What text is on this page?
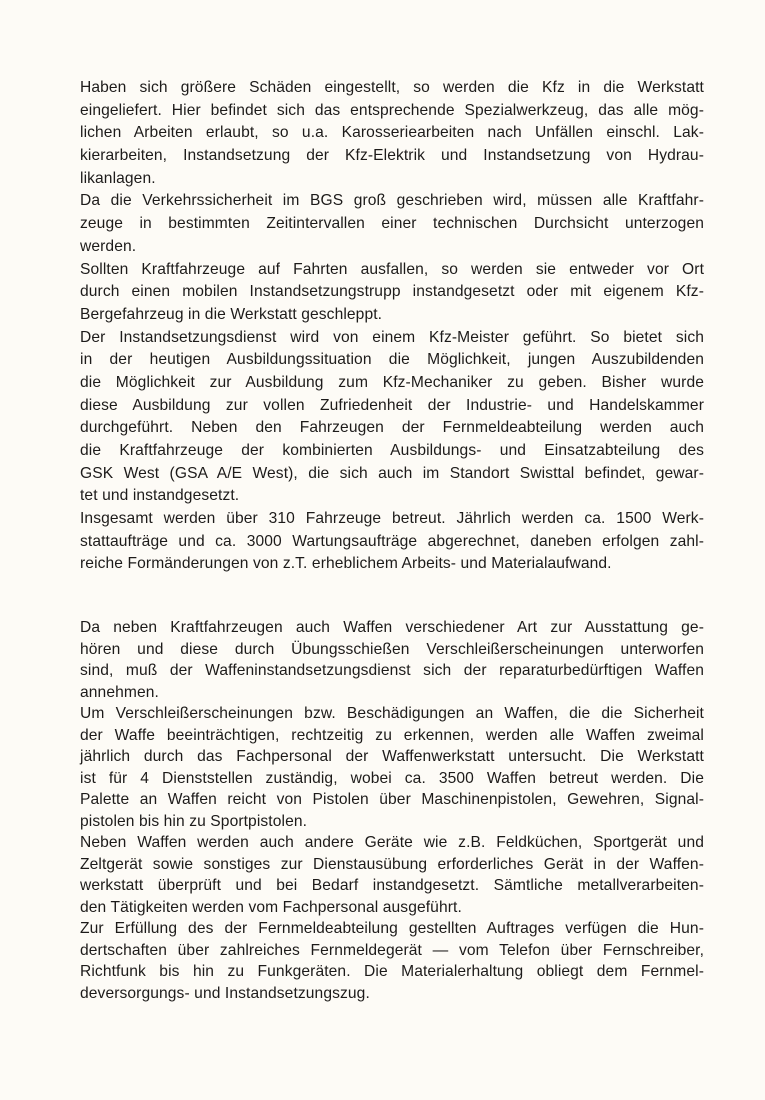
Haben sich größere Schäden eingestellt, so werden die Kfz in die Werkstatt
eingeliefert. Hier befindet sich das entsprechende Spezialwerkzeug, das alle mög-
lichen Arbeiten erlaubt, so u.a. Karosseriearbeiten nach Unfällen einschl. Lak-
kierarbeiten, Instandsetzung der Kfz-Elektrik und Instandsetzung von Hydrau-
likanlagen.
Da die Verkehrssicherheit im BGS groß geschrieben wird, müssen alle Kraftfahr-
zeuge in bestimmten Zeitintervallen einer technischen Durchsicht unterzogen
werden.
Sollten Kraftfahrzeuge auf Fahrten ausfallen, so werden sie entweder vor Ort
durch einen mobilen Instandsetzungstrupp instandgesetzt oder mit eigenem Kfz-
Bergefahrzeug in die Werkstatt geschleppt.
Der Instandsetzungsdienst wird von einem Kfz-Meister geführt. So bietet sich
in der heutigen Ausbildungssituation die Möglichkeit, jungen Auszubildenden
die Möglichkeit zur Ausbildung zum Kfz-Mechaniker zu geben. Bisher wurde
diese Ausbildung zur vollen Zufriedenheit der Industrie- und Handelskammer
durchgeführt. Neben den Fahrzeugen der Fernmeldeabteilung werden auch
die Kraftfahrzeuge der kombinierten Ausbildungs- und Einsatzabteilung des
GSK West (GSA A/E West), die sich auch im Standort Swisttal befindet, gewar-
tet und instandgesetzt.
Insgesamt werden über 310 Fahrzeuge betreut. Jährlich werden ca. 1500 Werk-
stattaufträge und ca. 3000 Wartungsaufträge abgerechnet, daneben erfolgen zahl-
reiche Formänderungen von z.T. erheblichem Arbeits- und Materialaufwand.
Da neben Kraftfahrzeugen auch Waffen verschiedener Art zur Ausstattung ge-
hören und diese durch Übungsschießen Verschleißerscheinungen unterworfen
sind, muß der Waffeninstandsetzungsdienst sich der reparaturbedürftigen Waffen
annehmen.
Um Verschleißerscheinungen bzw. Beschädigungen an Waffen, die die Sicherheit
der Waffe beeinträchtigen, rechtzeitig zu erkennen, werden alle Waffen zweimal
jährlich durch das Fachpersonal der Waffenwerkstatt untersucht. Die Werkstatt
ist für 4 Dienststellen zuständig, wobei ca. 3500 Waffen betreut werden. Die
Palette an Waffen reicht von Pistolen über Maschinenpistolen, Gewehren, Signal-
pistolen bis hin zu Sportpistolen.
Neben Waffen werden auch andere Geräte wie z.B. Feldküchen, Sportgerät und
Zeltgerät sowie sonstiges zur Dienstausübung erforderliches Gerät in der Waffen-
werkstatt überprüft und bei Bedarf instandgesetzt. Sämtliche metallverarbeiten-
den Tätigkeiten werden vom Fachpersonal ausgeführt.
Zur Erfüllung des der Fernmeldeabteilung gestellten Auftrages verfügen die Hun-
dertschaften über zahlreiches Fernmeldegerät — vom Telefon über Fernschreiber,
Richtfunk bis hin zu Funkgeräten. Die Materialerhaltung obliegt dem Fernmel-
deversorgungs- und Instandsetzungszug.
